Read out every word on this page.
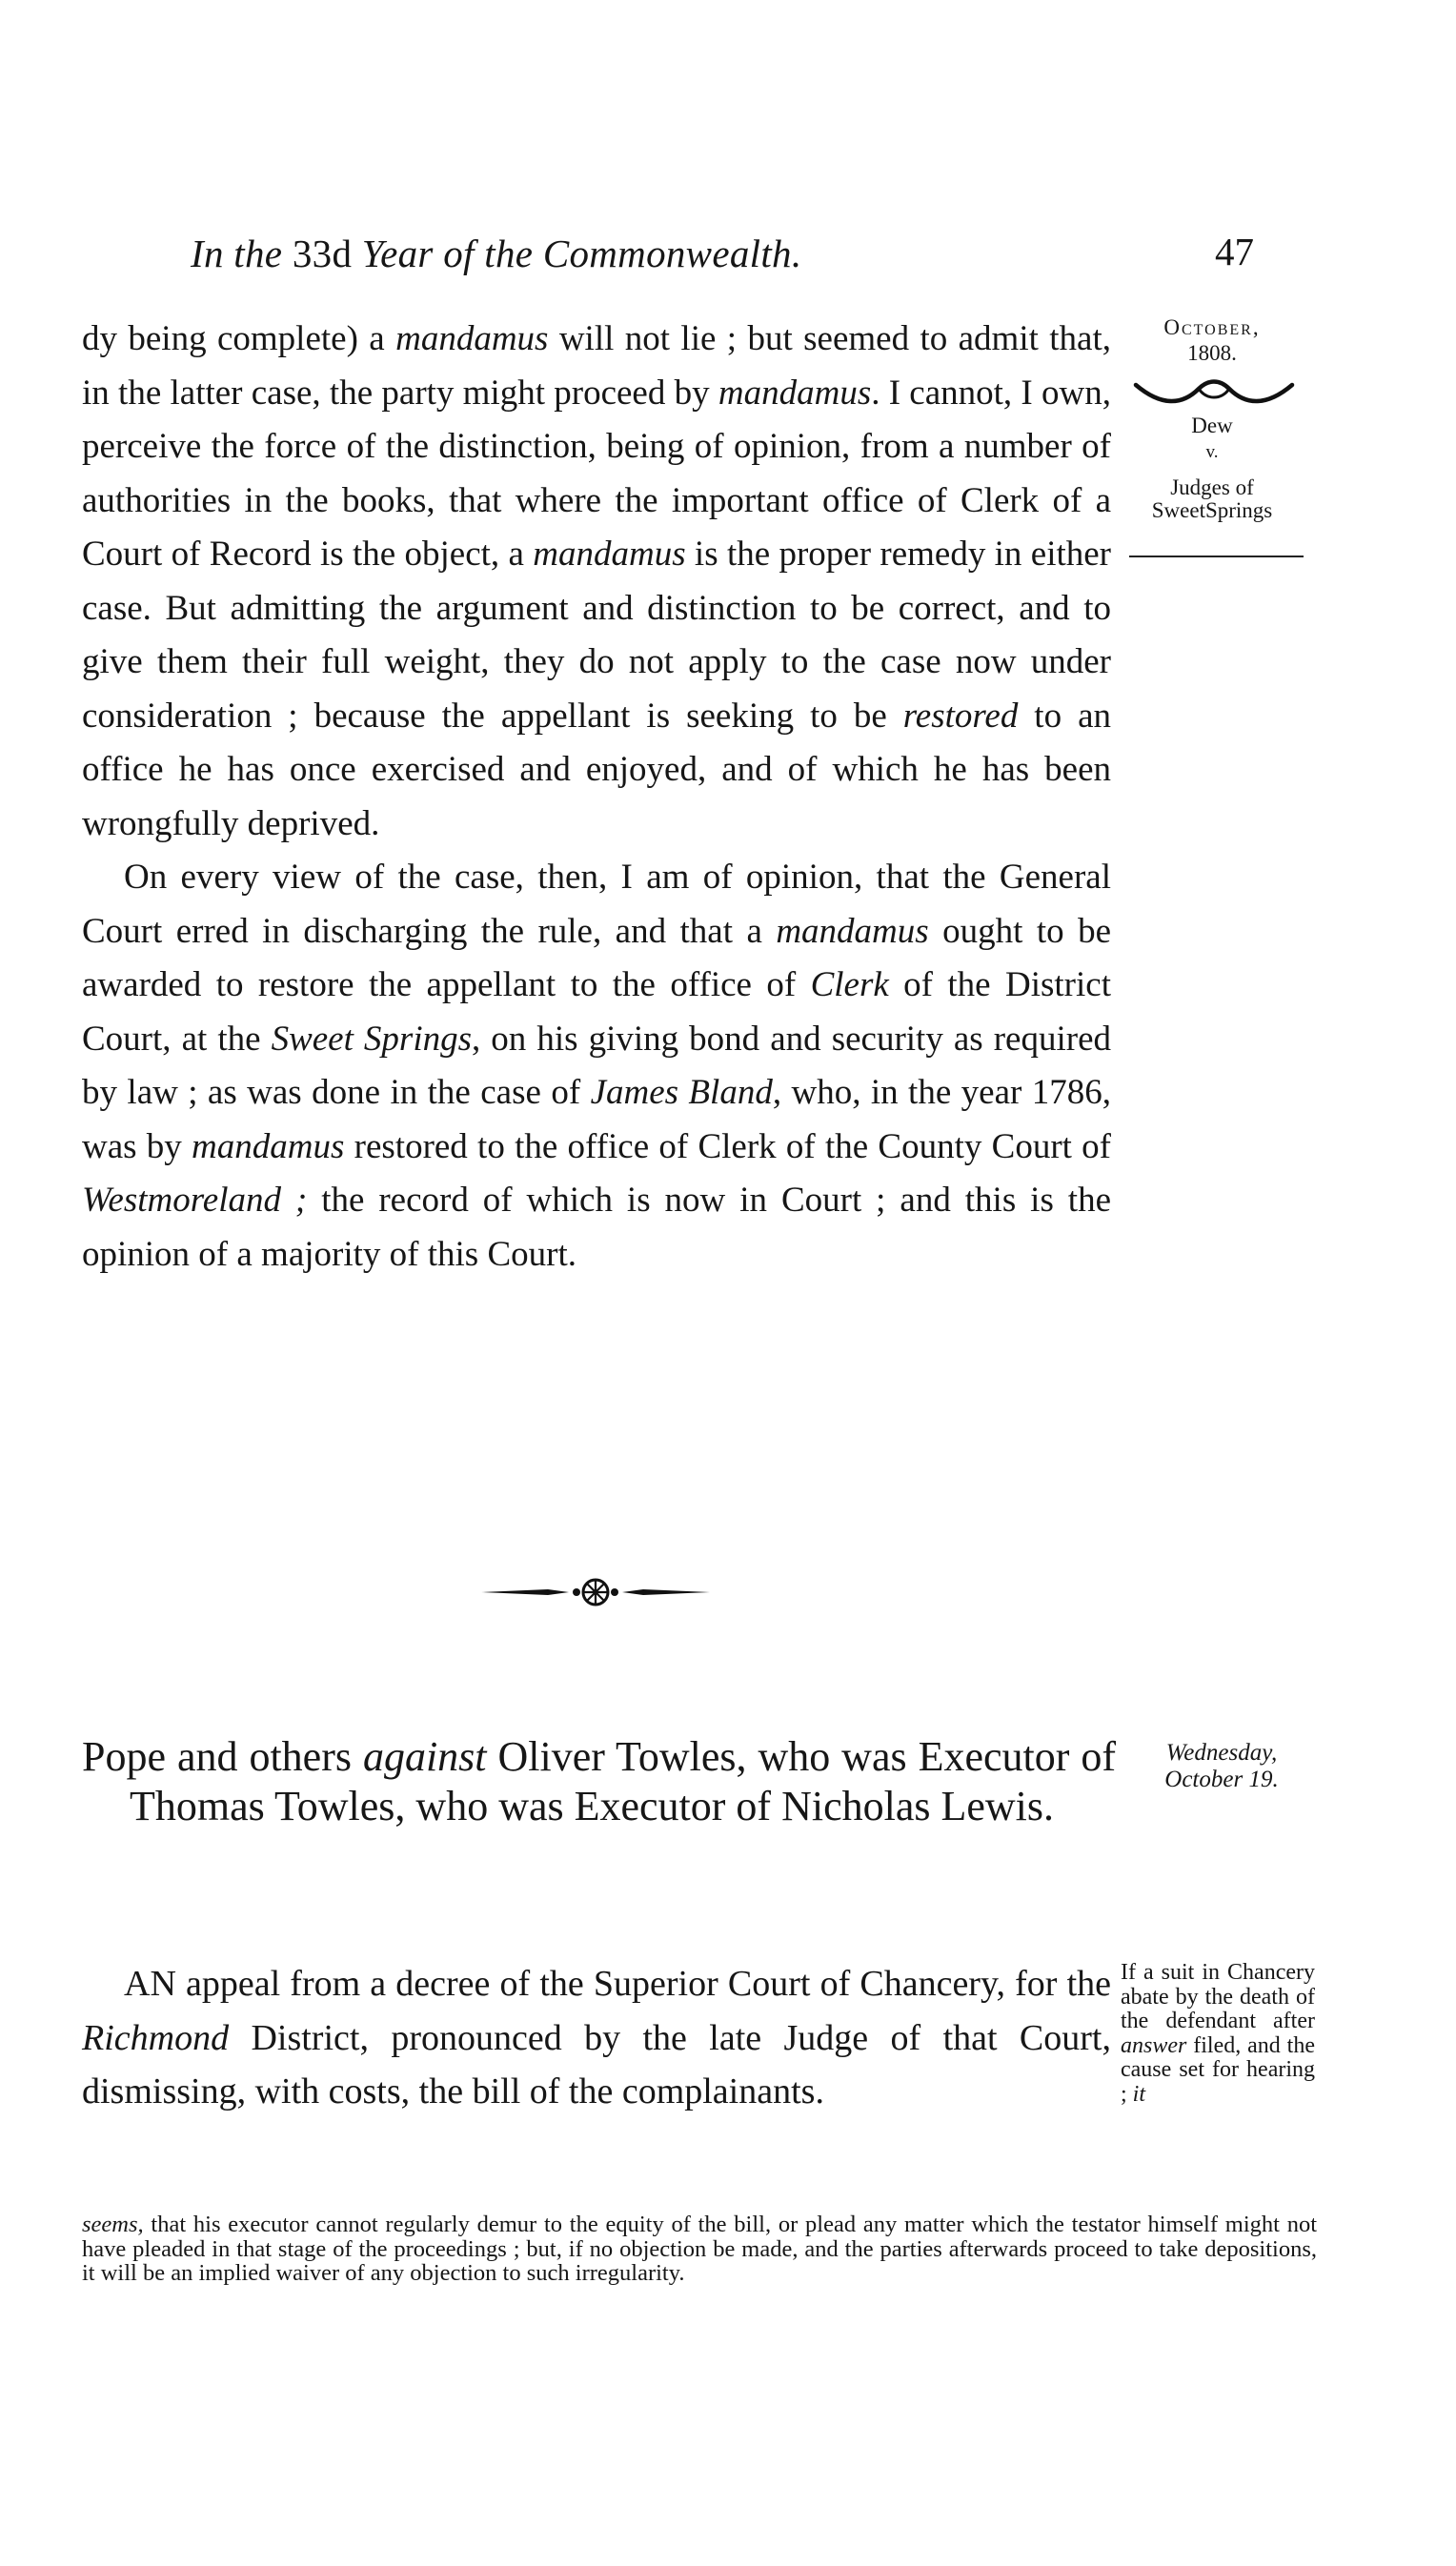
In the 33d Year of the Commonwealth.	47

dy being complete) a mandamus will not lie ; but seemed to admit that, in the latter case, the party might proceed by mandamus. I cannot, I own, perceive the force of the distinction, being of opinion, from a number of authorities in the books, that where the important office of Clerk of a Court of Record is the object, a mandamus is the proper remedy in either case. But admitting the argument and distinction to be correct, and to give them their full weight, they do not apply to the case now under consideration ; because the appellant is seeking to be restored to an office he has once exercised and enjoyed, and of which he has been wrongfully deprived.

On every view of the case, then, I am of opinion, that the General Court erred in discharging the rule, and that a mandamus ought to be awarded to restore the appellant to the office of Clerk of the District Court, at the Sweet Springs, on his giving bond and security as required by law ; as was done in the case of James Bland, who, in the year 1786, was by mandamus restored to the office of Clerk of the County Court of Westmoreland ; the record of which is now in Court ; and this is the opinion of a majority of this Court.

October,
1808.
Dew
v.
Judges of
SweetSprings
Pope and others against Oliver Towles, who was Executor of Thomas Towles, who was Executor of Nicholas Lewis.
Wednesday,
October 19.

AN appeal from a decree of the Superior Court of Chancery, for the Richmond District, pronounced by the late Judge of that Court, dismissing, with costs, the bill of the complainants.

If a suit in Chancery abate by the death of the defendant after answer filed, and the cause set for hearing ; it
seems, that his executor cannot regularly demur to the equity of the bill, or plead any matter which the testator himself might not have pleaded in that stage of the proceedings ; but, if no objection be made, and the parties afterwards proceed to take depositions, it will be an implied waiver of any objection to such irregularity.
